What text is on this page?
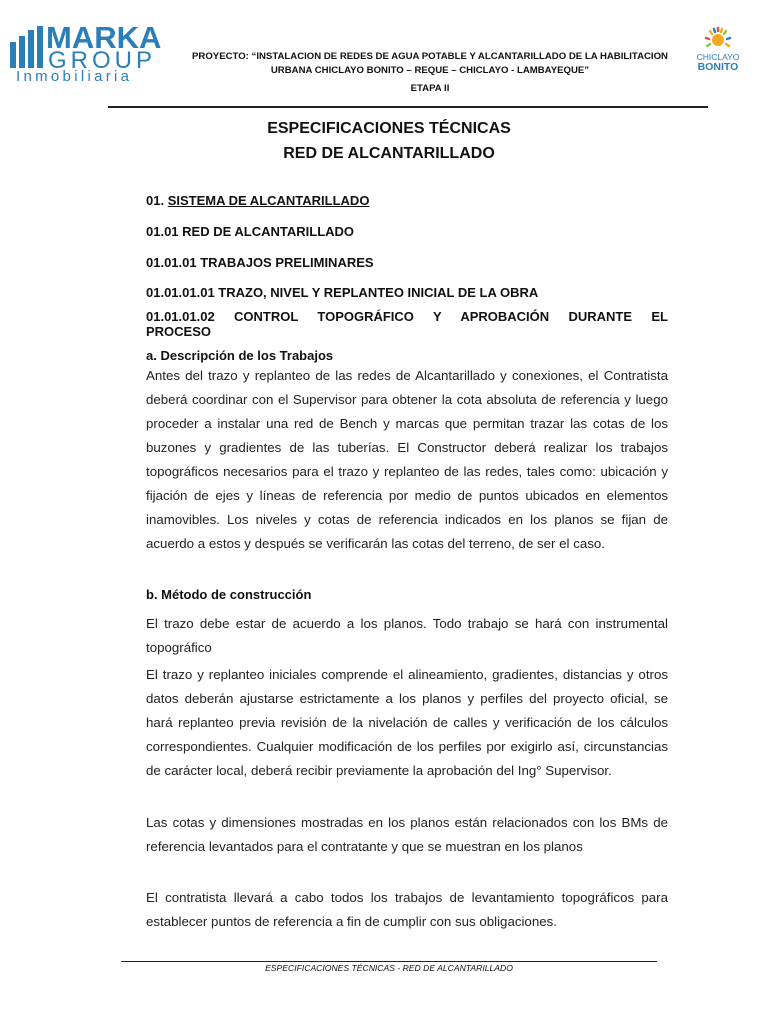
MARKA
GROUP
Inmobiliaria
PROYECTO: “INSTALACION DE REDES DE AGUA POTABLE Y ALCANTARILLADO DE LA HABILITACION
URBANA CHICLAYO BONITO – REQUE – CHICLAYO - LAMBAYEQUE”
ETAPA II
CHICLAYO
BONITO
ESPECIFICACIONES TÉCNICAS
RED DE ALCANTARILLADO
01. SISTEMA DE ALCANTARILLADO
01.01 RED DE ALCANTARILLADO
01.01.01 TRABAJOS PRELIMINARES
01.01.01.01 TRAZO, NIVEL Y REPLANTEO INICIAL DE LA OBRA
01.01.01.02 CONTROL TOPOGRÁFICO Y APROBACIÓN DURANTE EL
PROCESO
a. Descripción de los Trabajos
Antes del trazo y replanteo de las redes de Alcantarillado y conexiones, el Contratista deberá coordinar con el Supervisor para obtener la cota absoluta de referencia y luego proceder a instalar una red de Bench y marcas que permitan trazar las cotas de los buzones y gradientes de las tuberías. El Constructor deberá realizar los trabajos topográficos necesarios para el trazo y replanteo de las redes, tales como: ubicación y fijación de ejes y líneas de referencia por medio de puntos ubicados en elementos inamovibles. Los niveles y cotas de referencia indicados en los planos se fijan de acuerdo a estos y después se verificarán las cotas del terreno, de ser el caso.
b. Método de construcción
El trazo debe estar de acuerdo a los planos. Todo trabajo se hará con instrumental topográfico
El trazo y replanteo iniciales comprende el alineamiento, gradientes, distancias y otros datos deberán ajustarse estrictamente a los planos y perfiles del proyecto oficial, se hará replanteo previa revisión de la nivelación de calles y verificación de los cálculos correspondientes. Cualquier modificación de los perfiles por exigirlo así, circunstancias de carácter local, deberá recibir previamente la aprobación del Ing° Supervisor.
Las cotas y dimensiones mostradas en los planos están relacionados con los BMs de referencia levantados para el contratante y que se muestran en los planos
El contratista llevará a cabo todos los trabajos de levantamiento topográficos para establecer puntos de referencia a fin de cumplir con sus obligaciones.
ESPECIFICACIONES TÉCNICAS - RED DE ALCANTARILLADO
